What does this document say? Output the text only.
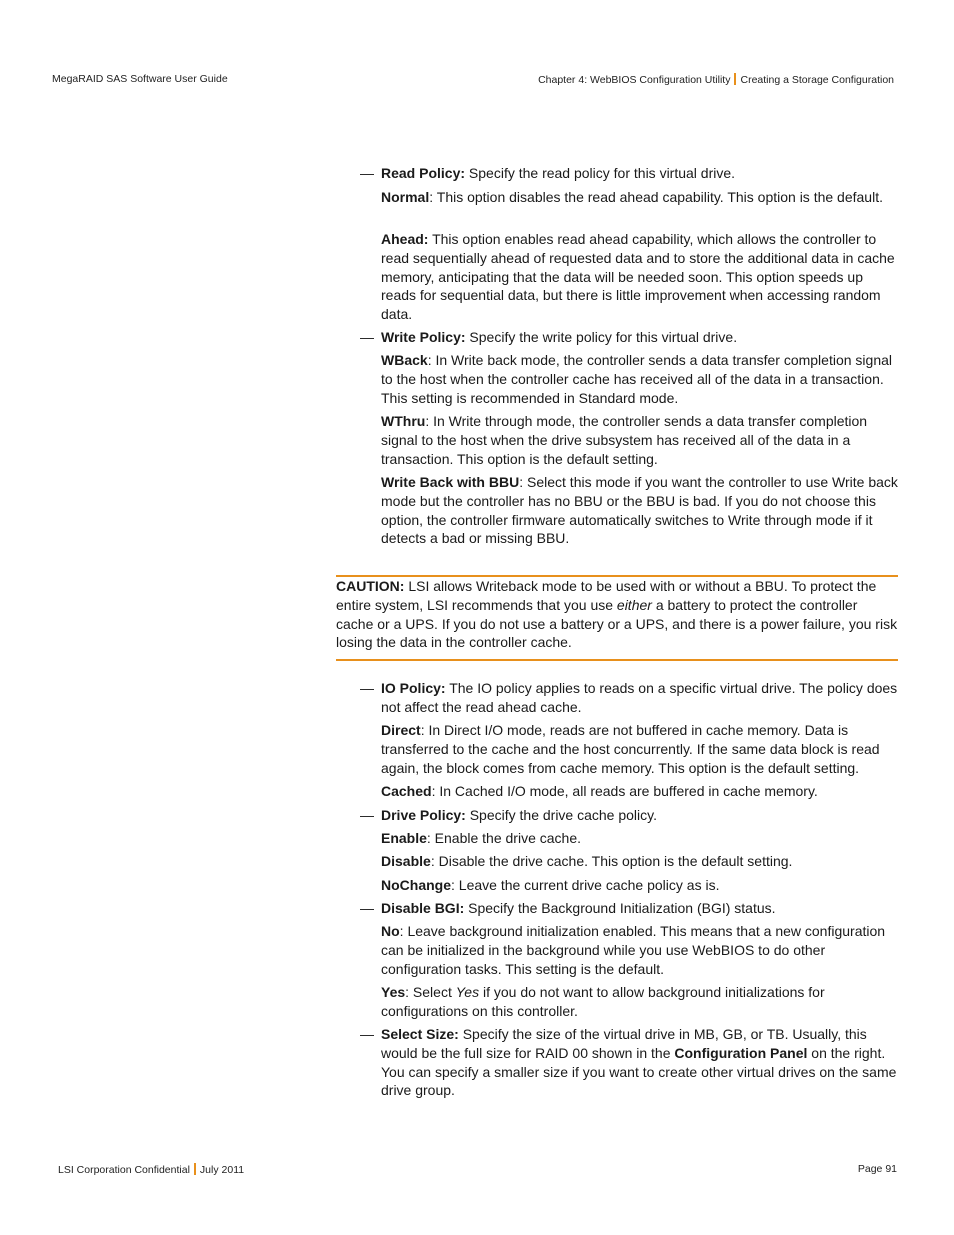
MegaRAID SAS Software User Guide	Chapter 4: WebBIOS Configuration Utility Creating a Storage Configuration
— Read Policy: Specify the read policy for this virtual drive.
Normal: This option disables the read ahead capability. This option is the default.
Ahead: This option enables read ahead capability, which allows the controller to read sequentially ahead of requested data and to store the additional data in cache memory, anticipating that the data will be needed soon. This option speeds up reads for sequential data, but there is little improvement when accessing random data.
— Write Policy: Specify the write policy for this virtual drive.
WBack: In Write back mode, the controller sends a data transfer completion signal to the host when the controller cache has received all of the data in a transaction. This setting is recommended in Standard mode.
WThru: In Write through mode, the controller sends a data transfer completion signal to the host when the drive subsystem has received all of the data in a transaction. This option is the default setting.
Write Back with BBU: Select this mode if you want the controller to use Write back mode but the controller has no BBU or the BBU is bad. If you do not choose this option, the controller firmware automatically switches to Write through mode if it detects a bad or missing BBU.
CAUTION: LSI allows Writeback mode to be used with or without a BBU. To protect the entire system, LSI recommends that you use either a battery to protect the controller cache or a UPS. If you do not use a battery or a UPS, and there is a power failure, you risk losing the data in the controller cache.
— IO Policy: The IO policy applies to reads on a specific virtual drive. The policy does not affect the read ahead cache.
Direct: In Direct I/O mode, reads are not buffered in cache memory. Data is transferred to the cache and the host concurrently. If the same data block is read again, the block comes from cache memory. This option is the default setting.
Cached: In Cached I/O mode, all reads are buffered in cache memory.
— Drive Policy: Specify the drive cache policy.
Enable: Enable the drive cache.
Disable: Disable the drive cache. This option is the default setting.
NoChange: Leave the current drive cache policy as is.
— Disable BGI: Specify the Background Initialization (BGI) status.
No: Leave background initialization enabled. This means that a new configuration can be initialized in the background while you use WebBIOS to do other configuration tasks. This setting is the default.
Yes: Select Yes if you do not want to allow background initializations for configurations on this controller.
— Select Size: Specify the size of the virtual drive in MB, GB, or TB. Usually, this would be the full size for RAID 00 shown in the Configuration Panel on the right. You can specify a smaller size if you want to create other virtual drives on the same drive group.
LSI Corporation Confidential July 2011	Page 91
